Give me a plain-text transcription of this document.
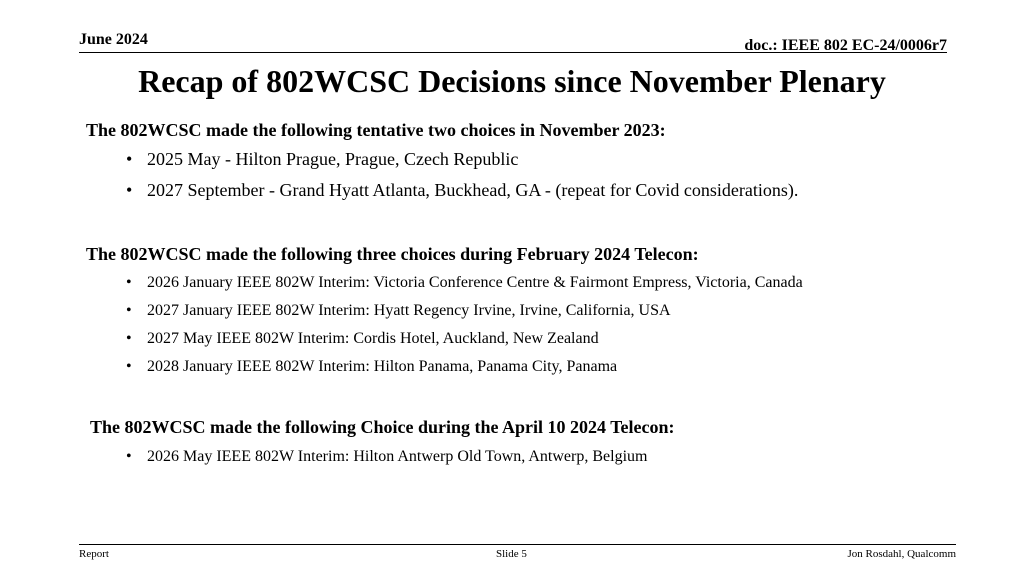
June 2024	doc.: IEEE 802 EC-24/0006r7
Recap of 802WCSC Decisions since November Plenary
The 802WCSC made the following tentative two choices in November 2023:
• 2025 May - Hilton Prague, Prague, Czech Republic
• 2027 September - Grand Hyatt Atlanta, Buckhead, GA - (repeat for Covid considerations).
The 802WCSC made the following three choices during February 2024 Telecon:
• 2026 January IEEE 802W Interim: Victoria Conference Centre & Fairmont Empress, Victoria, Canada
• 2027 January IEEE 802W Interim: Hyatt Regency Irvine, Irvine, California, USA
• 2027 May IEEE 802W Interim: Cordis Hotel, Auckland, New Zealand
• 2028 January IEEE 802W Interim: Hilton Panama, Panama City, Panama
The 802WCSC made the following Choice during the April 10 2024 Telecon:
• 2026 May IEEE 802W Interim: Hilton Antwerp Old Town, Antwerp, Belgium
Report	Slide 5	Jon Rosdahl, Qualcomm
